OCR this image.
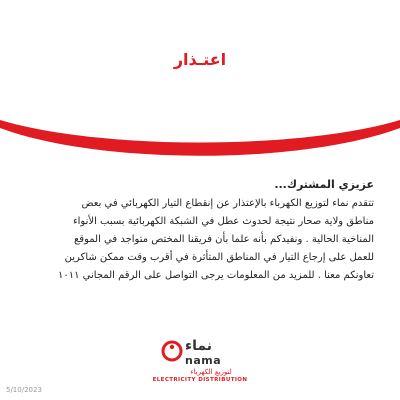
اعتـذار
عزيزي المشترك...
تتقدم نماء لتوزيع الكهرباء بالإعتذار عن إنقطاع التيار الكهربائي في بعض
مناطق ولاية صحار نتيجة لحدوث عطل في الشبكة الكهربائية بسبب الأنواء
المناخية الحالية . ونفيدكم بأنه علما بأن فريقنا المختص متواجد في الموقع
للعمل على إرجاع التيار في المناطق المتأثرة في أقرب وقت ممكن شاكرين
تعاونكم معنا . للمزيد من المعلومات يرجى التواصل على الرقم المجاني ١٠١١
نماء
nama
لتوزيع الكهرباء
ELECTRICITY DISTRIBUTION
5/10/2023
